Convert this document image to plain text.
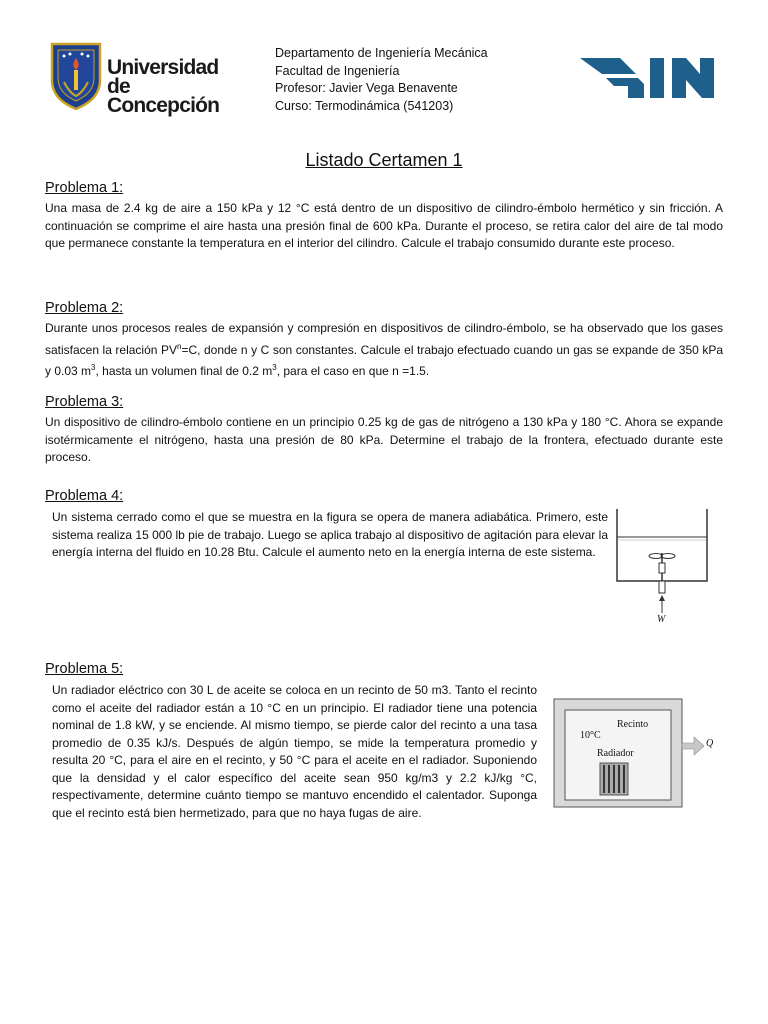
Universidad
de Concepción
Departamento de Ingeniería Mecánica
Facultad de Ingeniería
Profesor: Javier Vega Benavente
Curso: Termodinámica (541203)
Listado Certamen 1
Problema 1:
Una masa de 2.4 kg de aire a 150 kPa y 12 °C está dentro de un dispositivo de cilindro-émbolo hermético y sin fricción. A continuación se comprime el aire hasta una presión final de 600 kPa. Durante el proceso, se retira calor del aire de tal modo que permanece constante la temperatura en el interior del cilindro. Calcule el trabajo consumido durante este proceso.
Problema 2:
Durante unos procesos reales de expansión y compresión en dispositivos de cilindro-émbolo, se ha observado que los gases satisfacen la relación $PV^n=C$, donde n y C son constantes. Calcule el trabajo efectuado cuando un gas se expande de 350 kPa y 0.03 $m^3$, hasta un volumen final de 0.2 $m^3$, para el caso en que n =1.5.
Problema 3:
Un dispositivo de cilindro-émbolo contiene en un principio 0.25 kg de gas de nitrógeno a 130 kPa y 180 °C. Ahora se expande isotérmicamente el nitrógeno, hasta una presión de 80 kPa. Determine el trabajo de la frontera, efectuado durante este proceso.
Problema 4:
Un sistema cerrado como el que se muestra en la figura se opera de manera adiabática. Primero, este sistema realiza 15 000 lb pie de trabajo. Luego se aplica trabajo al dispositivo de agitación para elevar la energía interna del fluido en 10.28 Btu. Calcule el aumento neto en la energía interna de este sistema.
W
Problema 5:
Un radiador eléctrico con 30 L de aceite se coloca en un recinto de 50 m3. Tanto el recinto como el aceite del radiador están a 10 °C en un principio. El radiador tiene una potencia nominal de 1.8 kW, y se enciende. Al mismo tiempo, se pierde calor del recinto a una tasa promedio de 0.35 kJ/s. Después de algún tiempo, se mide la temperatura promedio y resulta 20 °C, para el aire en el recinto, y 50 °C para el aceite en el radiador. Suponiendo que la densidad y el calor específico del aceite sean 950 kg/m3 y 2.2 kJ/kg °C, respectivamente, determine cuánto tiempo se mantuvo encendido el calentador. Suponga que el recinto está bien hermetizado, para que no haya fugas de aire.
Recinto
10°C
Radiador
Q
